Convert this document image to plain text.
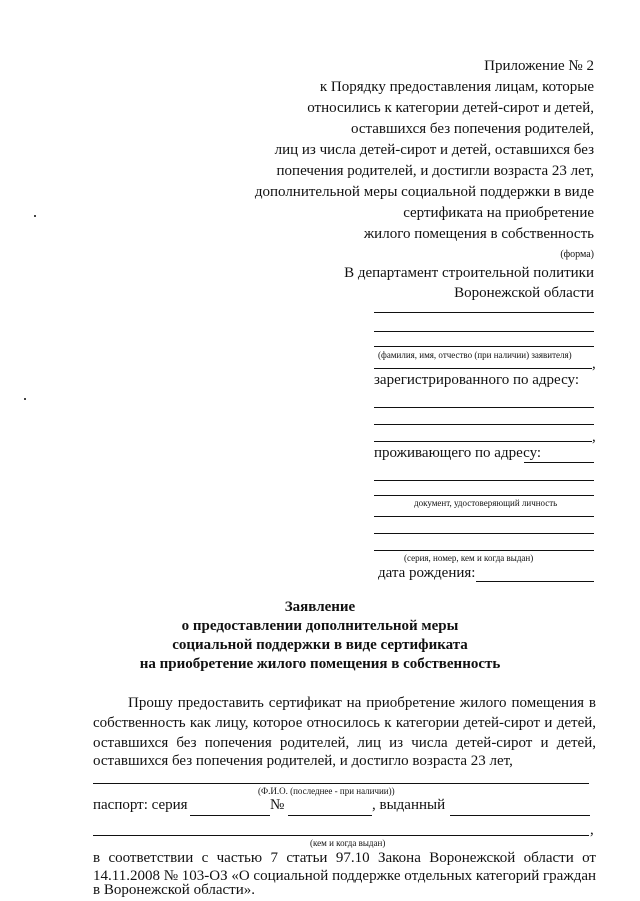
Приложение № 2
к Порядку предоставления лицам, которые
относились к категории детей-сирот и детей,
оставшихся без попечения родителей,
лиц из числа детей-сирот и детей, оставшихся без
попечения родителей, и достигли возраста 23 лет,
дополнительной меры социальной поддержки в виде
сертификата на приобретение
жилого помещения в собственность
(форма)
В департамент строительной политики
Воронежской области
(фамилия, имя, отчество (при наличии) заявителя)
,
зарегистрированного по адресу:
,
проживающего по адресу:
документ, удостоверяющий личность
(серия, номер, кем и когда выдан)
дата рождения:
Заявление
о предоставлении дополнительной меры
социальной поддержки в виде сертификата
на приобретение жилого помещения в собственность
Прошу предоставить сертификат на приобретение жилого помещения в
собственность как лицу, которое относилось к категории детей-сирот и детей,
оставшихся без попечения родителей, лиц из числа детей-сирот и детей,
оставшихся без попечения родителей, и достигло возраста 23 лет,
(Ф.И.О. (последнее - при наличии))
паспорт: серия	№	, выданный
,
(кем и когда выдан)
в соответствии с частью 7 статьи 97.10 Закона Воронежской области от
14.11.2008 № 103-ОЗ «О социальной поддержке отдельных категорий граждан
в Воронежской области».
